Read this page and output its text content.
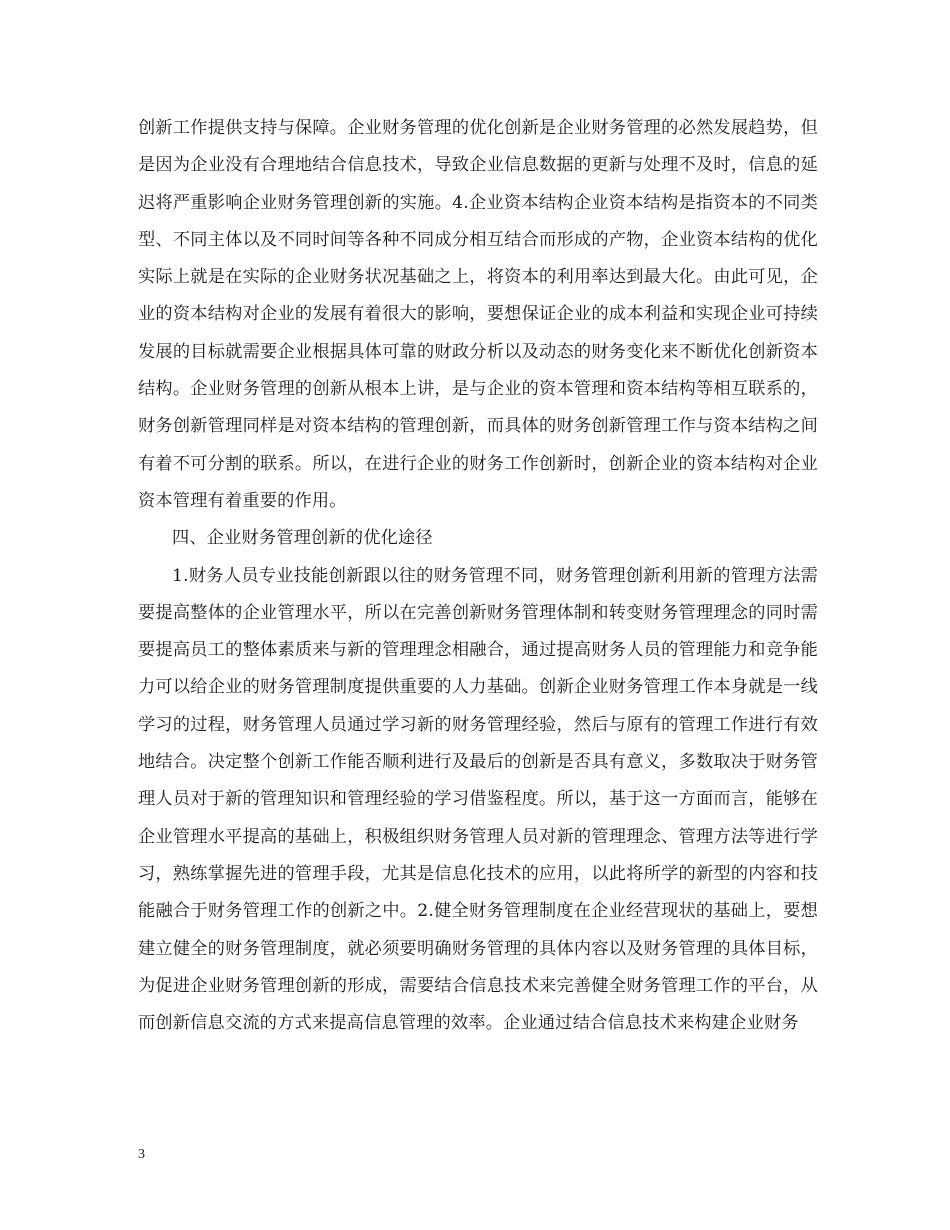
创新工作提供支持与保障。企业财务管理的优化创新是企业财务管理的必然发展趋势，但是因为企业没有合理地结合信息技术，导致企业信息数据的更新与处理不及时，信息的延迟将严重影响企业财务管理创新的实施。4.企业资本结构企业资本结构是指资本的不同类型、不同主体以及不同时间等各种不同成分相互结合而形成的产物，企业资本结构的优化实际上就是在实际的企业财务状况基础之上，将资本的利用率达到最大化。由此可见，企业的资本结构对企业的发展有着很大的影响，要想保证企业的成本利益和实现企业可持续发展的目标就需要企业根据具体可靠的财政分析以及动态的财务变化来不断优化创新资本结构。企业财务管理的创新从根本上讲，是与企业的资本管理和资本结构等相互联系的，财务创新管理同样是对资本结构的管理创新，而具体的财务创新管理工作与资本结构之间有着不可分割的联系。所以，在进行企业的财务工作创新时，创新企业的资本结构对企业资本管理有着重要的作用。

四、企业财务管理创新的优化途径

1.财务人员专业技能创新跟以往的财务管理不同，财务管理创新利用新的管理方法需要提高整体的企业管理水平，所以在完善创新财务管理体制和转变财务管理理念的同时需要提高员工的整体素质来与新的管理理念相融合，通过提高财务人员的管理能力和竞争能力可以给企业的财务管理制度提供重要的人力基础。创新企业财务管理工作本身就是一线学习的过程，财务管理人员通过学习新的财务管理经验，然后与原有的管理工作进行有效地结合。决定整个创新工作能否顺利进行及最后的创新是否具有意义，多数取决于财务管理人员对于新的管理知识和管理经验的学习借鉴程度。所以，基于这一方面而言，能够在企业管理水平提高的基础上，积极组织财务管理人员对新的管理理念、管理方法等进行学习，熟练掌握先进的管理手段，尤其是信息化技术的应用，以此将所学的新型的内容和技能融合于财务管理工作的创新之中。2.健全财务管理制度在企业经营现状的基础上，要想建立健全的财务管理制度，就必须要明确财务管理的具体内容以及财务管理的具体目标，为促进企业财务管理创新的形成，需要结合信息技术来完善健全财务管理工作的平台，从而创新信息交流的方式来提高信息管理的效率。企业通过结合信息技术来构建企业财务

3
